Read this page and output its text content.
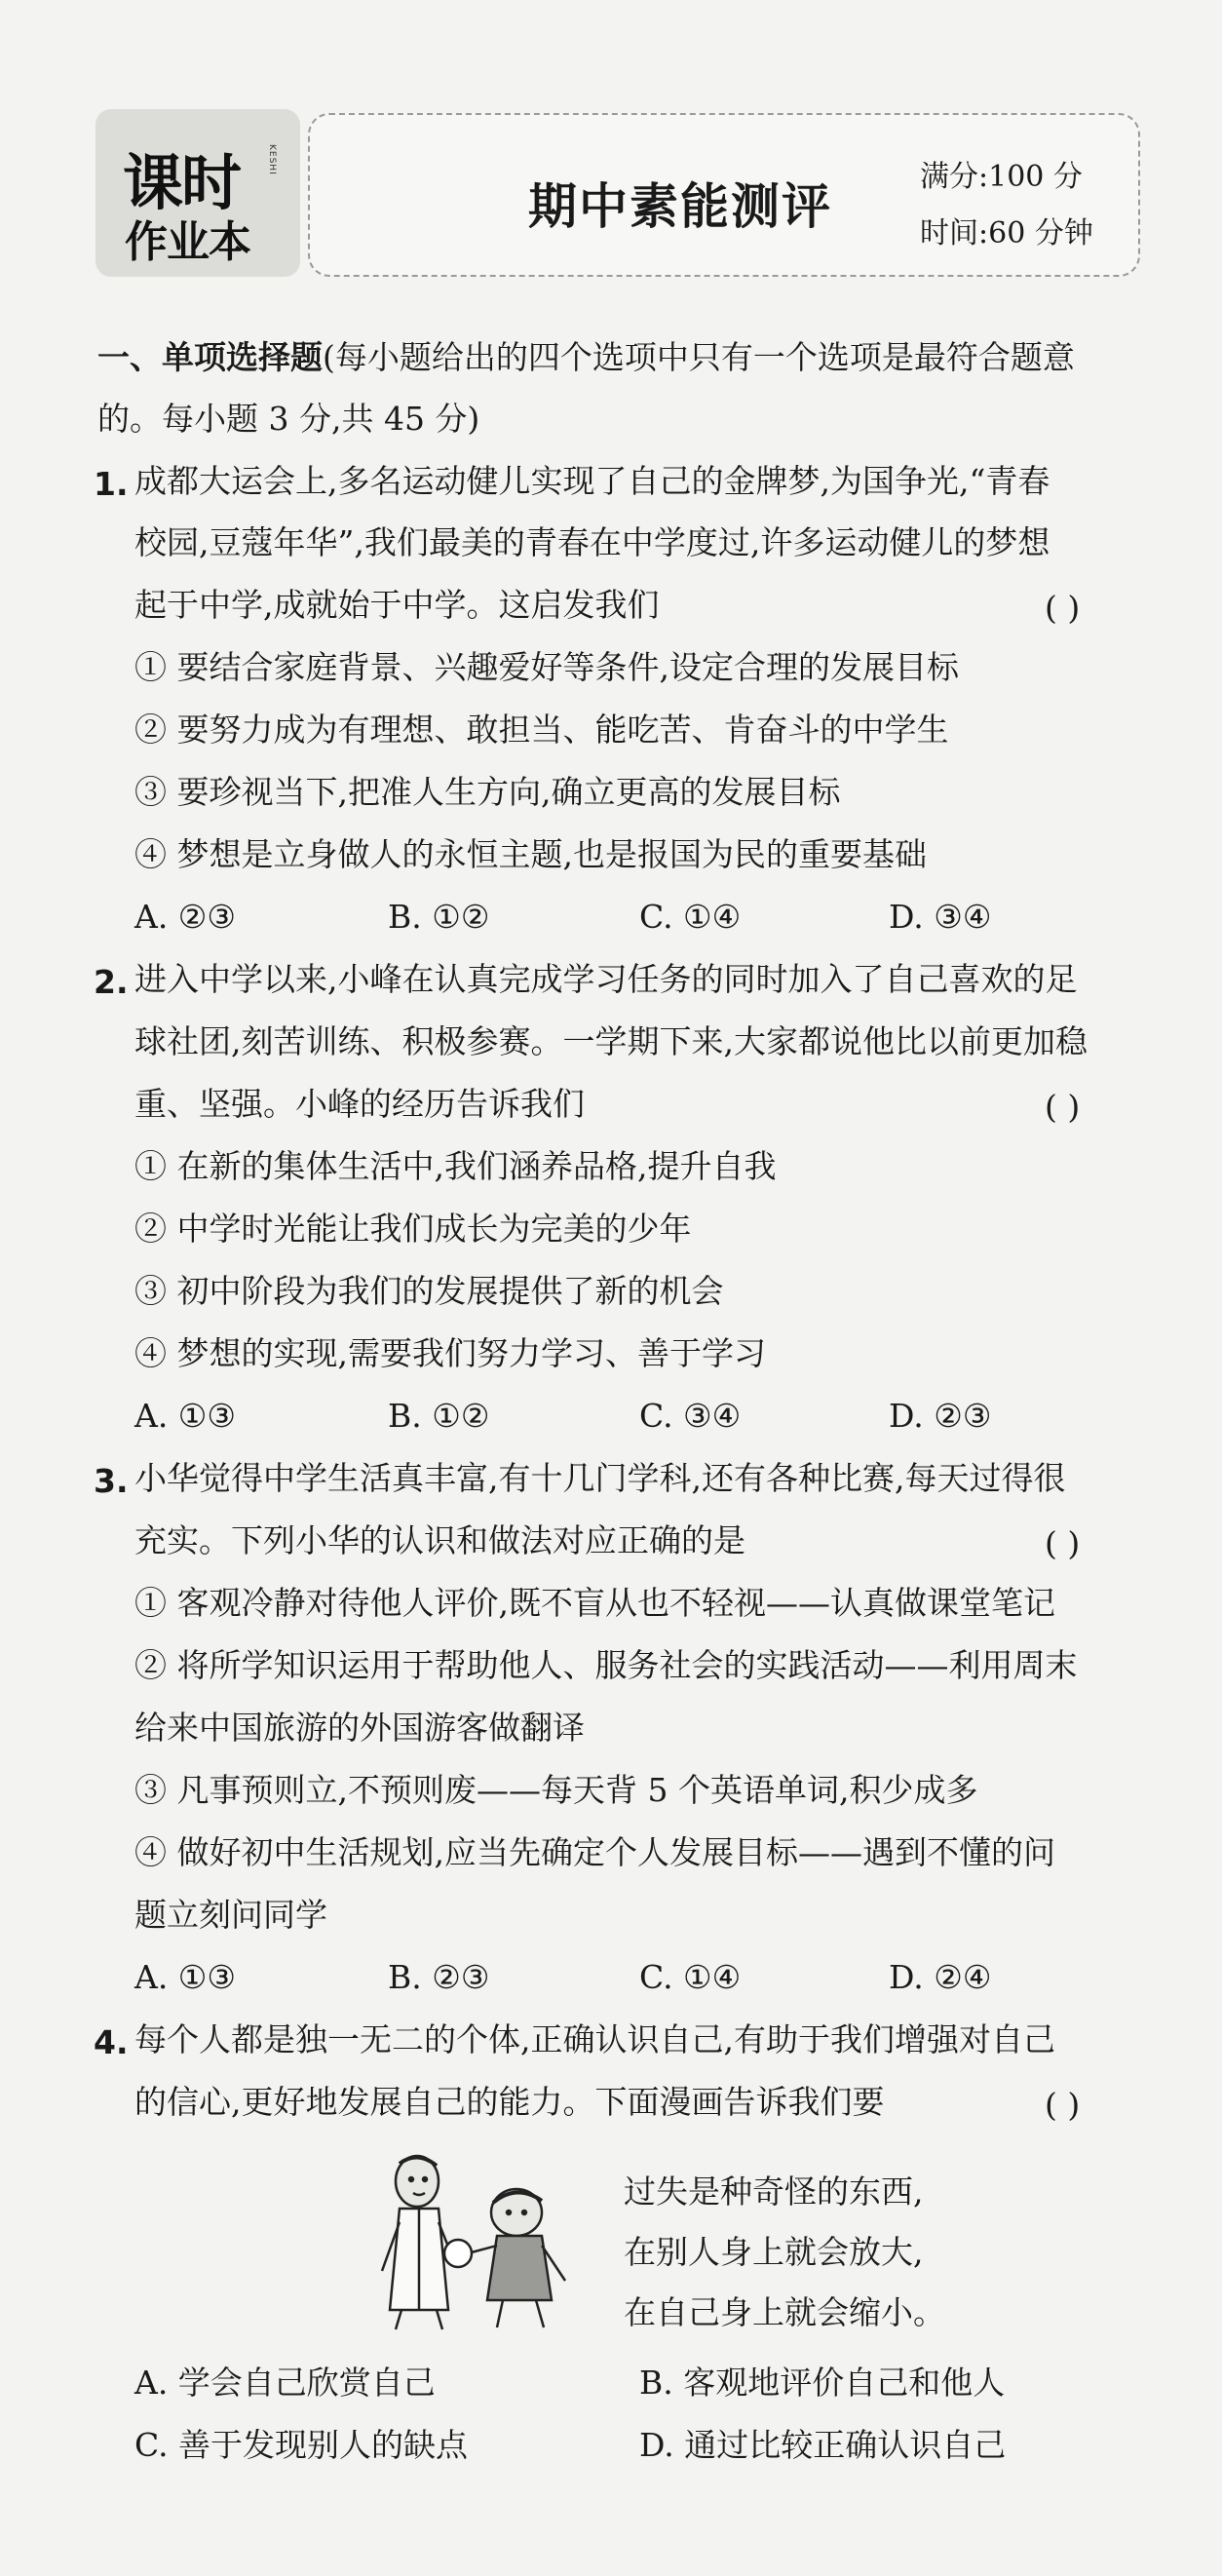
课时
作业本
KESHI
期中素能测评
满分:100 分
时间:60 分钟
一、单项选择题(每小题给出的四个选项中只有一个选项是最符合题意
的。每小题 3 分,共 45 分)
1. 成都大运会上,多名运动健儿实现了自己的金牌梦,为国争光,“青春
校园,豆蔻年华”,我们最美的青春在中学度过,许多运动健儿的梦想
起于中学,成就始于中学。这启发我们	( )
① 要结合家庭背景、兴趣爱好等条件,设定合理的发展目标
② 要努力成为有理想、敢担当、能吃苦、肯奋斗的中学生
③ 要珍视当下,把准人生方向,确立更高的发展目标
④ 梦想是立身做人的永恒主题,也是报国为民的重要基础
A. ②③	B. ①②	C. ①④	D. ③④
2. 进入中学以来,小峰在认真完成学习任务的同时加入了自己喜欢的足
球社团,刻苦训练、积极参赛。一学期下来,大家都说他比以前更加稳
重、坚强。小峰的经历告诉我们	( )
① 在新的集体生活中,我们涵养品格,提升自我
② 中学时光能让我们成长为完美的少年
③ 初中阶段为我们的发展提供了新的机会
④ 梦想的实现,需要我们努力学习、善于学习
A. ①③	B. ①②	C. ③④	D. ②③
3. 小华觉得中学生活真丰富,有十几门学科,还有各种比赛,每天过得很
充实。下列小华的认识和做法对应正确的是	( )
① 客观冷静对待他人评价,既不盲从也不轻视——认真做课堂笔记
② 将所学知识运用于帮助他人、服务社会的实践活动——利用周末
给来中国旅游的外国游客做翻译
③ 凡事预则立,不预则废——每天背 5 个英语单词,积少成多
④ 做好初中生活规划,应当先确定个人发展目标——遇到不懂的问
题立刻问同学
A. ①③	B. ②③	C. ①④	D. ②④
4. 每个人都是独一无二的个体,正确认识自己,有助于我们增强对自己
的信心,更好地发展自己的能力。下面漫画告诉我们要	( )
过失是种奇怪的东西,
在别人身上就会放大,
在自己身上就会缩小。
A. 学会自己欣赏自己	B. 客观地评价自己和他人
C. 善于发现别人的缺点	D. 通过比较正确认识自己
